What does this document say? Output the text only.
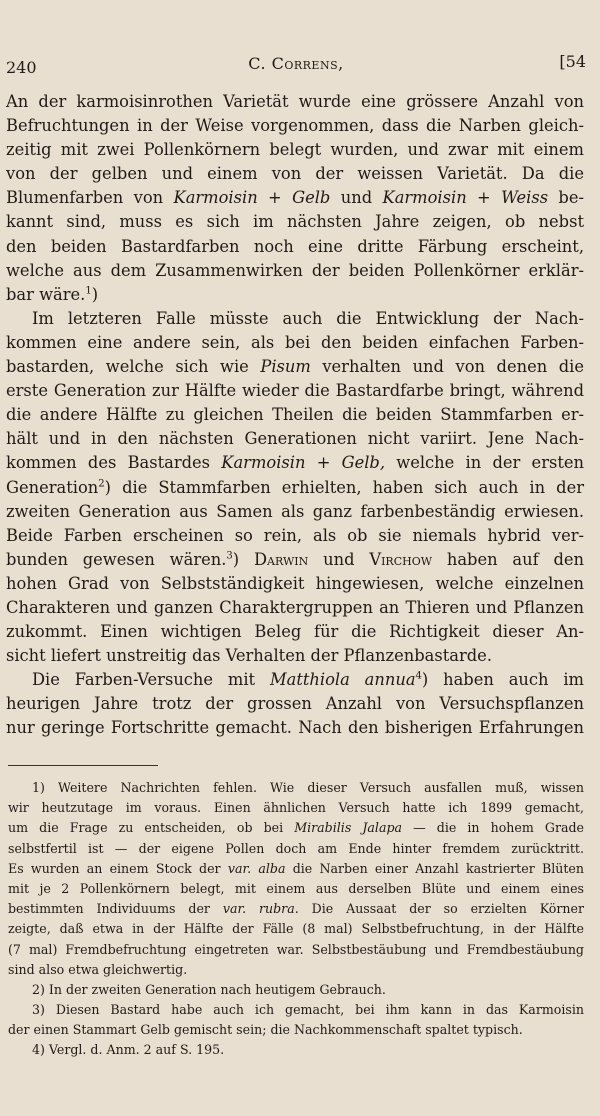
240	C. Correns,	[54
An der karmoisinrothen Varietät wurde eine grössere Anzahl von
Befruchtungen in der Weise vorgenommen, dass die Narben gleich-
zeitig mit zwei Pollenkörnern belegt wurden, und zwar mit einem
von der gelben und einem von der weissen Varietät. Da die
Blumenfarben von Karmoisin + Gelb und Karmoisin + Weiss be-
kannt sind, muss es sich im nächsten Jahre zeigen, ob nebst
den beiden Bastardfarben noch eine dritte Färbung erscheint,
welche aus dem Zusammenwirken der beiden Pollenkörner erklär-
bar wäre.$^1$)
Im letzteren Falle müsste auch die Entwicklung der Nach-
kommen eine andere sein, als bei den beiden einfachen Farben-
bastarden, welche sich wie Pisum verhalten und von denen die
erste Generation zur Hälfte wieder die Bastardfarbe bringt, während
die andere Hälfte zu gleichen Theilen die beiden Stammfarben er-
hält und in den nächsten Generationen nicht variirt. Jene Nach-
kommen des Bastardes Karmoisin + Gelb, welche in der ersten
Generation$^2$) die Stammfarben erhielten, haben sich auch in der
zweiten Generation aus Samen als ganz farbenbeständig erwiesen.
Beide Farben erscheinen so rein, als ob sie niemals hybrid ver-
bunden gewesen wären.$^3$) Darwin und Virchow haben auf den
hohen Grad von Selbstständigkeit hingewiesen, welche einzelnen
Charakteren und ganzen Charaktergruppen an Thieren und Pflanzen
zukommt. Einen wichtigen Beleg für die Richtigkeit dieser An-
sicht liefert unstreitig das Verhalten der Pflanzenbastarde.
Die Farben-Versuche mit Matthiola annua$^4$) haben auch im
heurigen Jahre trotz der grossen Anzahl von Versuchspflanzen
nur geringe Fortschritte gemacht. Nach den bisherigen Erfahrungen
1) Weitere Nachrichten fehlen. Wie dieser Versuch ausfallen muß, wissen
wir heutzutage im voraus. Einen ähnlichen Versuch hatte ich 1899 gemacht,
um die Frage zu entscheiden, ob bei Mirabilis Jalapa — die in hohem Grade
selbstfertil ist — der eigene Pollen doch am Ende hinter fremdem zurücktritt.
Es wurden an einem Stock der var. alba die Narben einer Anzahl kastrierter Blüten
mit je 2 Pollenkörnern belegt, mit einem aus derselben Blüte und einem eines
bestimmten Individuums der var. rubra. Die Aussaat der so erzielten Körner
zeigte, daß etwa in der Hälfte der Fälle (8 mal) Selbstbefruchtung, in der Hälfte
(7 mal) Fremdbefruchtung eingetreten war. Selbstbestäubung und Fremdbestäubung
sind also etwa gleichwertig.
2) In der zweiten Generation nach heutigem Gebrauch.
3) Diesen Bastard habe auch ich gemacht, bei ihm kann in das Karmoisin
der einen Stammart Gelb gemischt sein; die Nachkommenschaft spaltet typisch.
4) Vergl. d. Anm. 2 auf S. 195.
